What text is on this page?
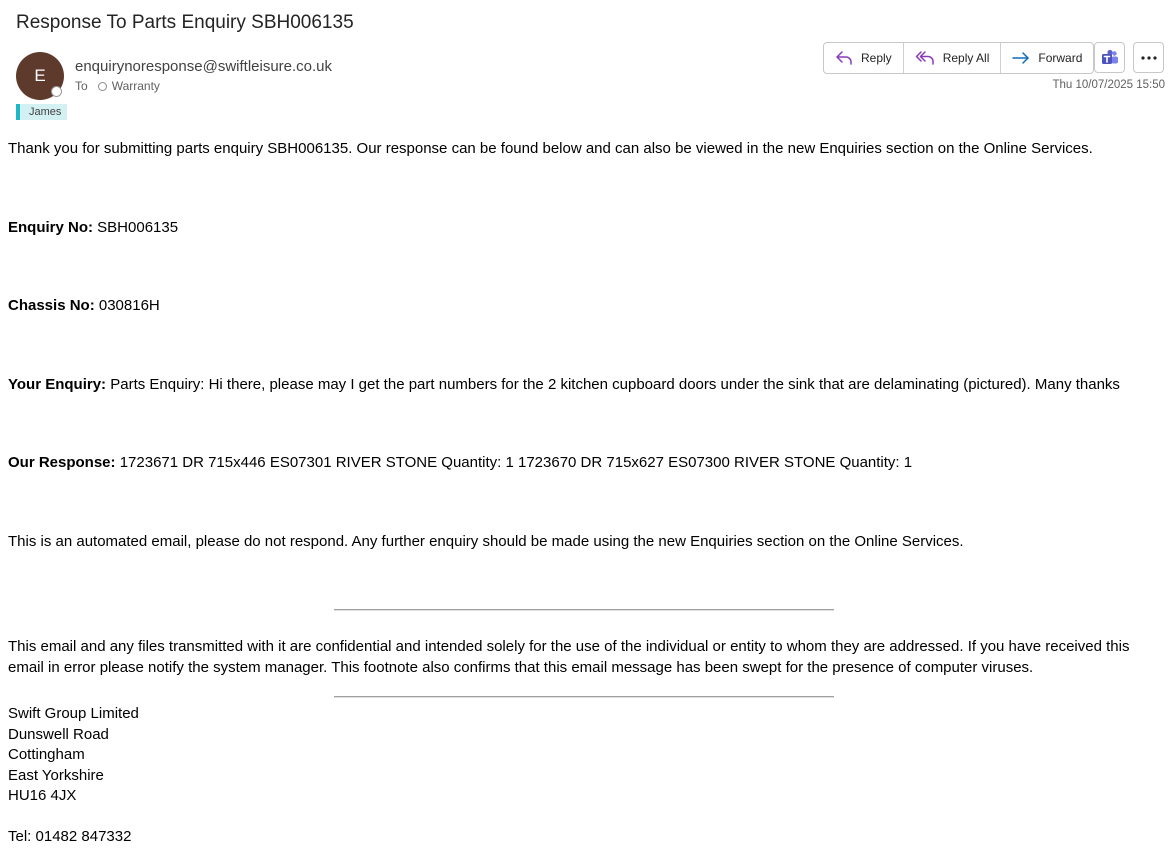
Response To Parts Enquiry SBH006135
E enquirynoresponse@swiftleisure.co.uk
To Warranty
James
Reply	Reply All	Forward
Thu 10/07/2025 15:50
Thank you for submitting parts enquiry SBH006135. Our response can be found below and can also be viewed in the new Enquiries section on the Online Services.
Enquiry No: SBH006135
Chassis No: 030816H
Your Enquiry: Parts Enquiry: Hi there, please may I get the part numbers for the 2 kitchen cupboard doors under the sink that are delaminating (pictured). Many thanks
Our Response: 1723671 DR 715x446 ES07301 RIVER STONE Quantity: 1 1723670 DR 715x627 ES07300 RIVER STONE Quantity: 1
This is an automated email, please do not respond. Any further enquiry should be made using the new Enquiries section on the Online Services.
This email and any files transmitted with it are confidential and intended solely for the use of the individual or entity to whom they are addressed. If you have received this email in error please notify the system manager. This footnote also confirms that this email message has been swept for the presence of computer viruses.
Swift Group Limited
Dunswell Road
Cottingham
East Yorkshire
HU16 4JX
Tel: 01482 847332
